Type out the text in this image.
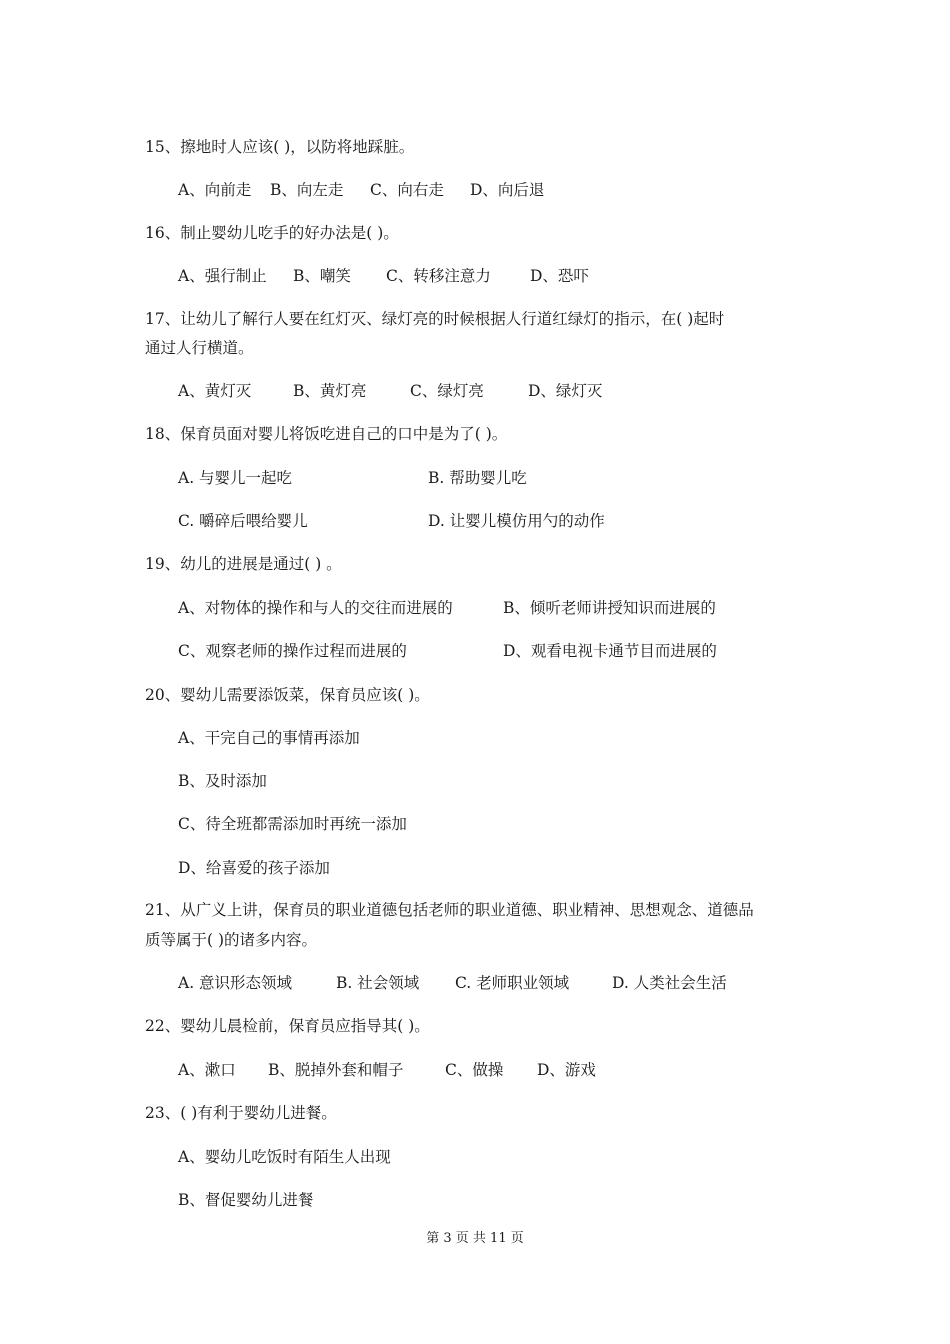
15、擦地时人应该( )，以防将地踩脏。
A、向前走 B、向左走 C、向右走 D、向后退
16、制止婴幼儿吃手的好办法是( )。
A、强行制止 B、嘲笑 C、转移注意力	D、恐吓
17、让幼儿了解行人要在红灯灭、绿灯亮的时候根据人行道红绿灯的指示，在( )起时
通过人行横道。
A、黄灯灭	B、黄灯亮	C、绿灯亮	D、绿灯灭
18、保育员面对婴儿将饭吃进自己的口中是为了( )。
A. 与婴儿一起吃	B. 帮助婴儿吃
C. 嚼碎后喂给婴儿	D. 让婴儿模仿用勺的动作
19、幼儿的进展是通过( ) 。
A、对物体的操作和与人的交往而进展的	B、倾听老师讲授知识而进展的
C、观察老师的操作过程而进展的	D、观看电视卡通节目而进展的
20、婴幼儿需要添饭菜，保育员应该( )。
A、干完自己的事情再添加
B、及时添加
C、待全班都需添加时再统一添加
D、给喜爱的孩子添加
21、从广义上讲，保育员的职业道德包括老师的职业道德、职业精神、思想观念、道德品
质等属于( )的诸多内容。
A. 意识形态领域	B. 社会领域 C. 老师职业领域	D. 人类社会生活
22、婴幼儿晨检前，保育员应指导其( )。
A、漱口 B、脱掉外套和帽子	C、做操 D、游戏
23、( )有利于婴幼儿进餐。
A、婴幼儿吃饭时有陌生人出现
B、督促婴幼儿进餐
第 3 页 共 11 页
